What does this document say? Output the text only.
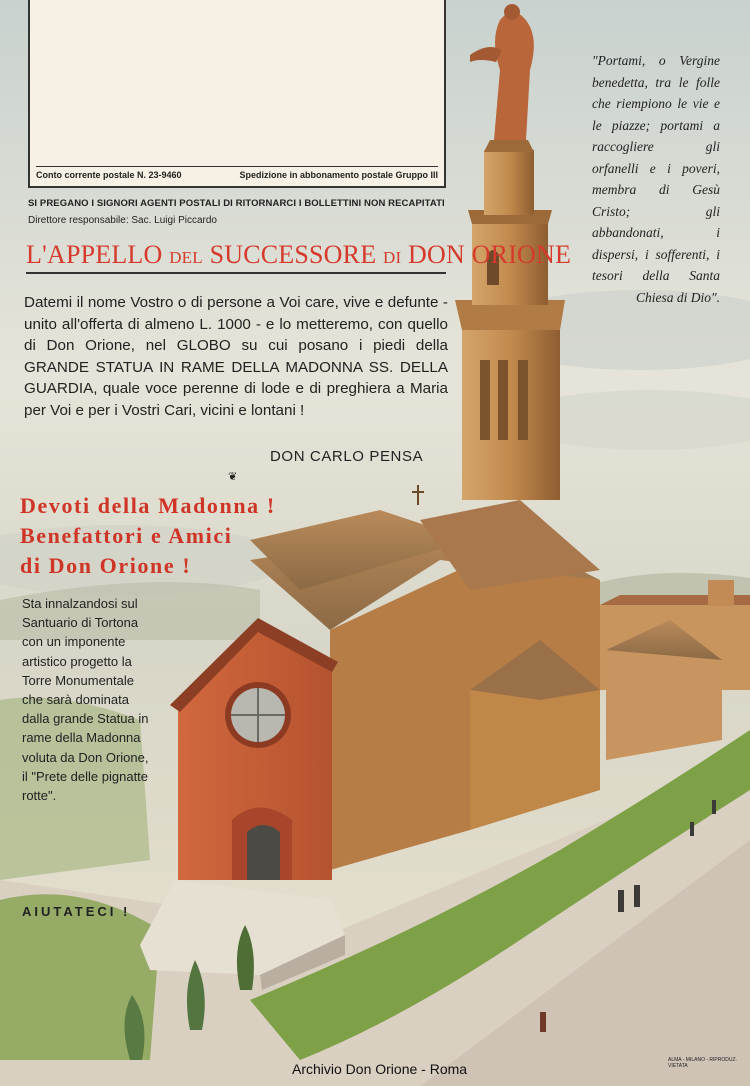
Conto corrente postale N. 23-9460	Spedizione in abbonamento postale Gruppo III
SI PREGANO I SIGNORI AGENTI POSTALI DI RITORNARCI I BOLLETTINI NON RECAPITATI
Direttore responsabile: Sac. Luigi Piccardo
L'APPELLO DEL SUCCESSORE DI DON ORIONE
Datemi il nome Vostro o di persone a Voi care, vive e defunte - unito all'offerta di almeno L. 1000 - e lo metteremo, con quello di Don Orione, nel GLOBO su cui posano i piedi della GRANDE STATUA IN RAME DELLA MADONNA SS. DELLA GUARDIA, quale voce perenne di lode e di preghiera a Maria per Voi e per i Vostri Cari, vicini e lontani !
DON CARLO PENSA
❦
Devoti della Madonna !
Benefattori e Amici
di Don Orione !
Sta innalzandosi sul Santuario di Tortona con un imponente artistico progetto la Torre Monumentale che sarà dominata dalla grande Statua in rame della Madonna voluta da Don Orione, il "Prete delle pignatte rotte".
AIUTATECI !
"Portami, o Vergine benedetta, tra le folle che riempiono le vie e le piazze; portami a raccogliere gli orfanelli e i poveri, membra di Gesù Cristo; gli abbandonati, i dispersi, i sofferenti, i tesori della Santa Chiesa di Dio".
ALMA - MILANO - RIPRODUZ. VIETATA
Archivio Don Orione - Roma
